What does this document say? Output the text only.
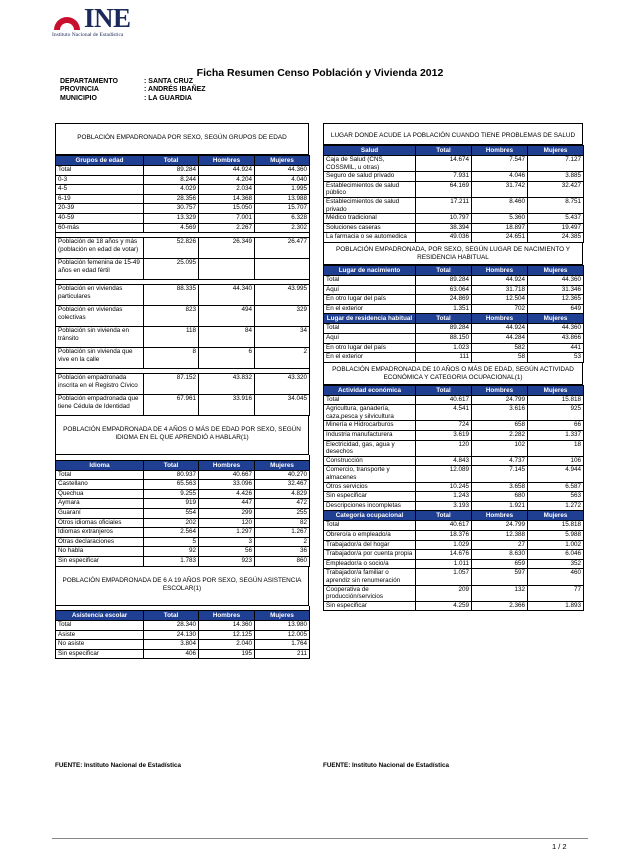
INE
Instituto Nacional de Estadística
Ficha Resumen Censo Población y Vivienda 2012
DEPARTAMENTO	: SANTA CRUZ
PROVINCIA	: ANDRÉS IBAÑEZ
MUNICIPIO	: LA GUARDIA
POBLACIÓN EMPADRONADA POR SEXO, SEGÚN GRUPOS DE EDAD
Grupos de edad	Total	Hombres	Mujeres
Total	89.284	44.924	44.360
0-3	8.244	4.204	4.040
4-5	4.029	2.034	1.995
6-19	28.356	14.368	13.988
20-39	30.757	15.050	15.707
40-59	13.329	7.001	6.328
60-más	4.569	2.267	2.302

Población de 18 años y más (población en edad de votar)	52.826	26.349	26.477
Población femenina de 15-49 años en edad fértil	25.095		

Población en viviendas particulares	88.335	44.340	43.995
Población en viviendas colectivas	823	494	329
Población sin vivienda en tránsito	118	84	34
Población sin vivienda que vive en la calle	8	6	2

Población empadronada inscrita en el Registro Cívico	87.152	43.832	43.320
Población empadronada que tiene Cédula de Identidad	67.961	33.916	34.045
POBLACIÓN EMPADRONADA DE 4 AÑOS O MÁS DE EDAD POR SEXO, SEGÚN IDIOMA EN EL QUE APRENDIÓ A HABLAR(1)

Idioma	Total	Hombres	Mujeres
Total	80.937	40.667	40.270
Castellano	65.563	33.096	32.467
Quechua	9.255	4.426	4.829
Aymara	919	447	472
Guaraní	554	299	255
Otros idiomas oficiales	202	120	82
Idiomas extranjeros	2.564	1.297	1.267
Otras declaraciones	5	3	2
No habla	92	56	36
Sin especificar	1.783	923	860
POBLACIÓN EMPADRONADA DE 6 A 19 AÑOS POR SEXO, SEGÚN ASISTENCIA ESCOLAR(1)

Asistencia escolar	Total	Hombres	Mujeres
Total	28.340	14.360	13.980
Asiste	24.130	12.125	12.005
No asiste	3.804	2.040	1.764
Sin especificar	406	195	211
LUGAR DONDE ACUDE LA POBLACIÓN CUANDO TIENE PROBLEMAS DE SALUD
Salud	Total	Hombres	Mujeres
Caja de Salud (CNS, COSSMIL, u otras)	14.674	7.547	7.127
Seguro de salud privado	7.931	4.046	3.885
Establecimientos de salud público	64.169	31.742	32.427
Establecimientos de salud privado	17.211	8.460	8.751
Médico tradicional	10.797	5.360	5.437
Soluciones caseras	38.394	18.897	19.497
La farmacia o se automedica	49.036	24.651	24.385
POBLACIÓN EMPADRONADA, POR SEXO, SEGÚN LUGAR DE NACIMIENTO Y RESIDENCIA HABITUAL
Lugar de nacimiento	Total	Hombres	Mujeres
Total	89.284	44.924	44.360
Aquí	63.064	31.718	31.346
En otro lugar del país	24.869	12.504	12.365
En el exterior	1.351	702	649
Lugar de residencia habitual	Total	Hombres	Mujeres
Total	89.284	44.924	44.360
Aquí	88.150	44.284	43.866
En otro lugar del país	1.023	582	441
En el exterior	111	58	53
POBLACIÓN EMPADRONADA DE 10 AÑOS O MÁS DE EDAD, SEGÚN ACTIVIDAD ECONÓMICA Y CATEGORIA OCUPACIONAL(1)
Actividad económica	Total	Hombres	Mujeres
Total	40.617	24.799	15.818
Agricultura, ganadería, caza,pesca y silvicultura	4.541	3.616	925
Minería e Hidrocarburos	724	658	66
Industria manufacturera	3.619	2.282	1.337
Electricidad, gas, agua y desechos	120	102	18
Construcción	4.843	4.737	106
Comercio, transporte y almacenes	12.089	7.145	4.944
Otros servicios	10.245	3.658	6.587
Sin especificar	1.243	680	563
Descripciones incompletas	3.193	1.921	1.272
Categoría ocupacional	Total	Hombres	Mujeres
Total	40.617	24.799	15.818
Obrero/a o empleado/a	18.376	12.388	5.988
Trabajador/a del hogar	1.029	27	1.002
Trabajador/a por cuenta propia	14.676	8.630	6.046
Empleador/a o socio/a	1.011	659	352
Trabajador/a familiar o aprendiz sin renumeración	1.057	597	460
Cooperativa de producción/servicios	209	132	77
Sin especificar	4.259	2.366	1.893
FUENTE: Instituto Nacional de Estadística	FUENTE: Instituto Nacional de Estadística
1 / 2
